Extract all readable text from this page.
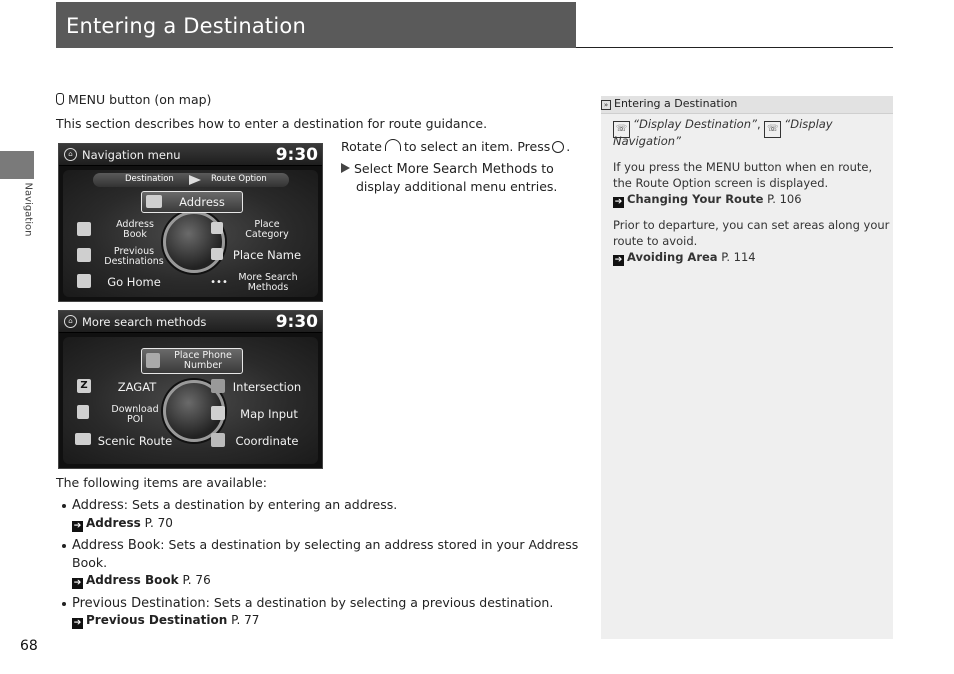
Entering a Destination
Navigation
MENU button (on map)
This section describes how to enter a destination for route guidance.
Rotate to select an item. Press .
Select More Search Methods to
display additional menu entries.
⌂ Navigation menu	9:30
Destination	Route Option
Address
Address
Book
Place
Category
Previous
Destinations	Place Name
Go Home	•••	More Search
Methods
⌂ More search methods	9:30
Place Phone
Number
Z	ZAGAT	Intersection
Download
POI	Map Input
Scenic Route	Coordinate
The following items are available:
Address: Sets a destination by entering an address.
➔ Address P. 70
Address Book: Sets a destination by selecting an address stored in your Address
Book.
➔ Address Book P. 76
Previous Destination: Sets a destination by selecting a previous destination.
➔ Previous Destination P. 77
68
» Entering a Destination
☏ “Display Destination”, ☏ “Display
Navigation”
If you press the MENU button when en route,
the Route Option screen is displayed.
➔ Changing Your Route P. 106
Prior to departure, you can set areas along your
route to avoid.
➔ Avoiding Area P. 114
